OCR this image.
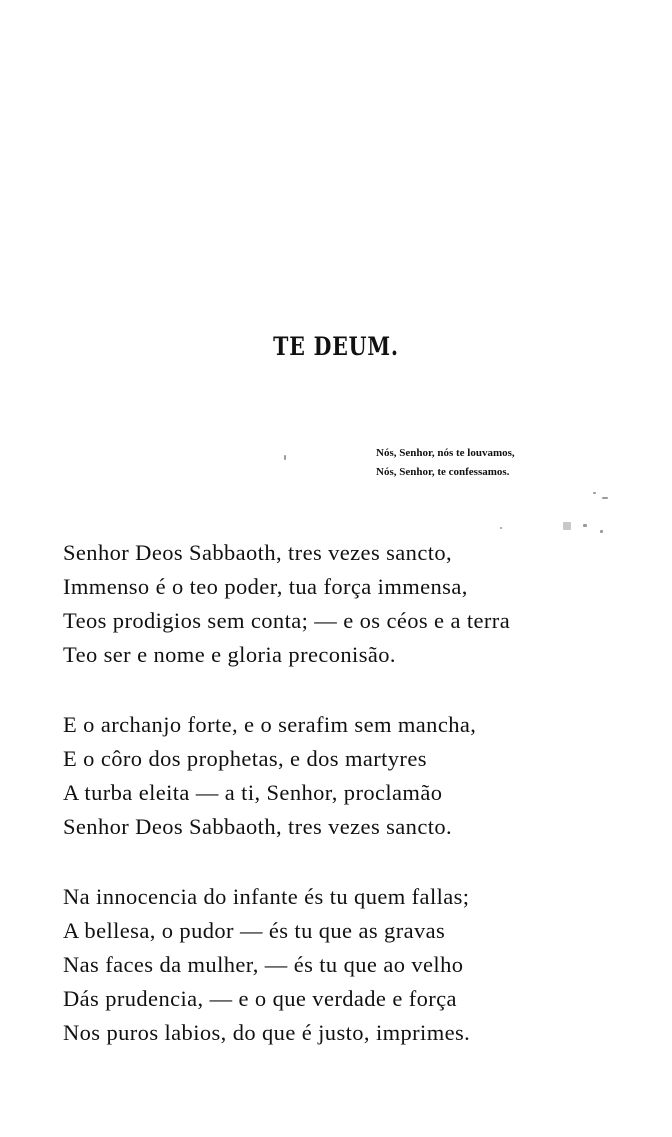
TE DEUM.
Nós, Senhor, nós te louvamos,
Nós, Senhor, te confessamos.
Senhor Deos Sabbaoth, tres vezes sancto,
Immenso é o teo poder, tua força immensa,
Teos prodigios sem conta; — e os céos e a terra
Teo ser e nome e gloria preconisão.
E o archanjo forte, e o serafim sem mancha,
E o côro dos prophetas, e dos martyres
A turba eleita — a ti, Senhor, proclamão
Senhor Deos Sabbaoth, tres vezes sancto.
Na innocencia do infante és tu quem fallas;
A bellesa, o pudor — és tu que as gravas
Nas faces da mulher, — és tu que ao velho
Dás prudencia, — e o que verdade e força
Nos puros labios, do que é justo, imprimes.
